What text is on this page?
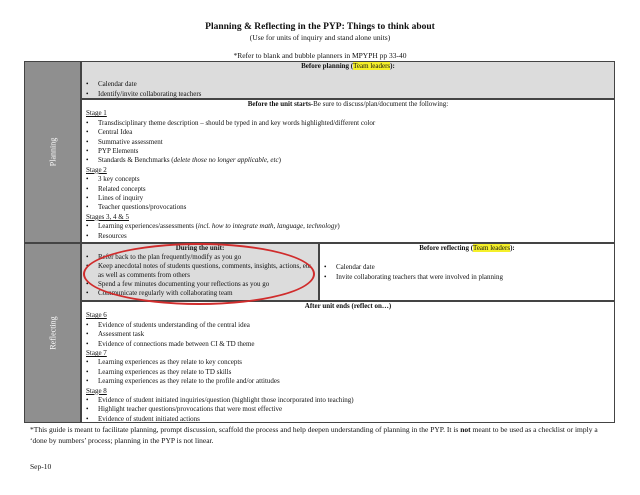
Planning & Reflecting in the PYP: Things to think about
(Use for units of inquiry and stand alone units)
*Refer to blank and bubble planners in MPYPH pp 33-40
Planning
Reflecting
Before planning (Team leaders):
• Calendar date
• Identify/invite collaborating teachers
Before the unit starts-Be sure to discuss/plan/document the following:
Stage 1
• Transdisciplinary theme description – should be typed in and key words highlighted/different color
• Central Idea
• Summative assessment
• PYP Elements
• Standards & Benchmarks (delete those no longer applicable, etc)
Stage 2
• 3 key concepts
• Related concepts
• Lines of inquiry
• Teacher questions/provocations
Stages 3, 4 & 5
• Learning experiences/assessments (incl. how to integrate math, language, technology)
• Resources
During the unit:
• Refer back to the plan frequently/modify as you go
• Keep anecdotal notes of students questions, comments, insights, actions, etc as well as comments from others
• Spend a few minutes documenting your reflections as you go
• Communicate regularly with collaborating team
Before reflecting (Team leaders):
• Calendar date
• Invite collaborating teachers that were involved in planning
After unit ends (reflect on…)
Stage 6
• Evidence of students understanding of the central idea
• Assessment task
• Evidence of connections made between CI & TD theme
Stage 7
• Learning experiences as they relate to key concepts
• Learning experiences as they relate to TD skills
• Learning experiences as they relate to the profile and/or attitudes
Stage 8
• Evidence of student initiated inquiries/question (highlight those incorporated into teaching)
• Highlight teacher questions/provocations that were most effective
• Evidence of student initiated actions
*This guide is meant to facilitate planning, prompt discussion, scaffold the process and help deepen understanding of planning in the PYP. It is not meant to be used as a checklist or imply a ‘done by numbers’ process; planning in the PYP is not linear.
Sep-10
